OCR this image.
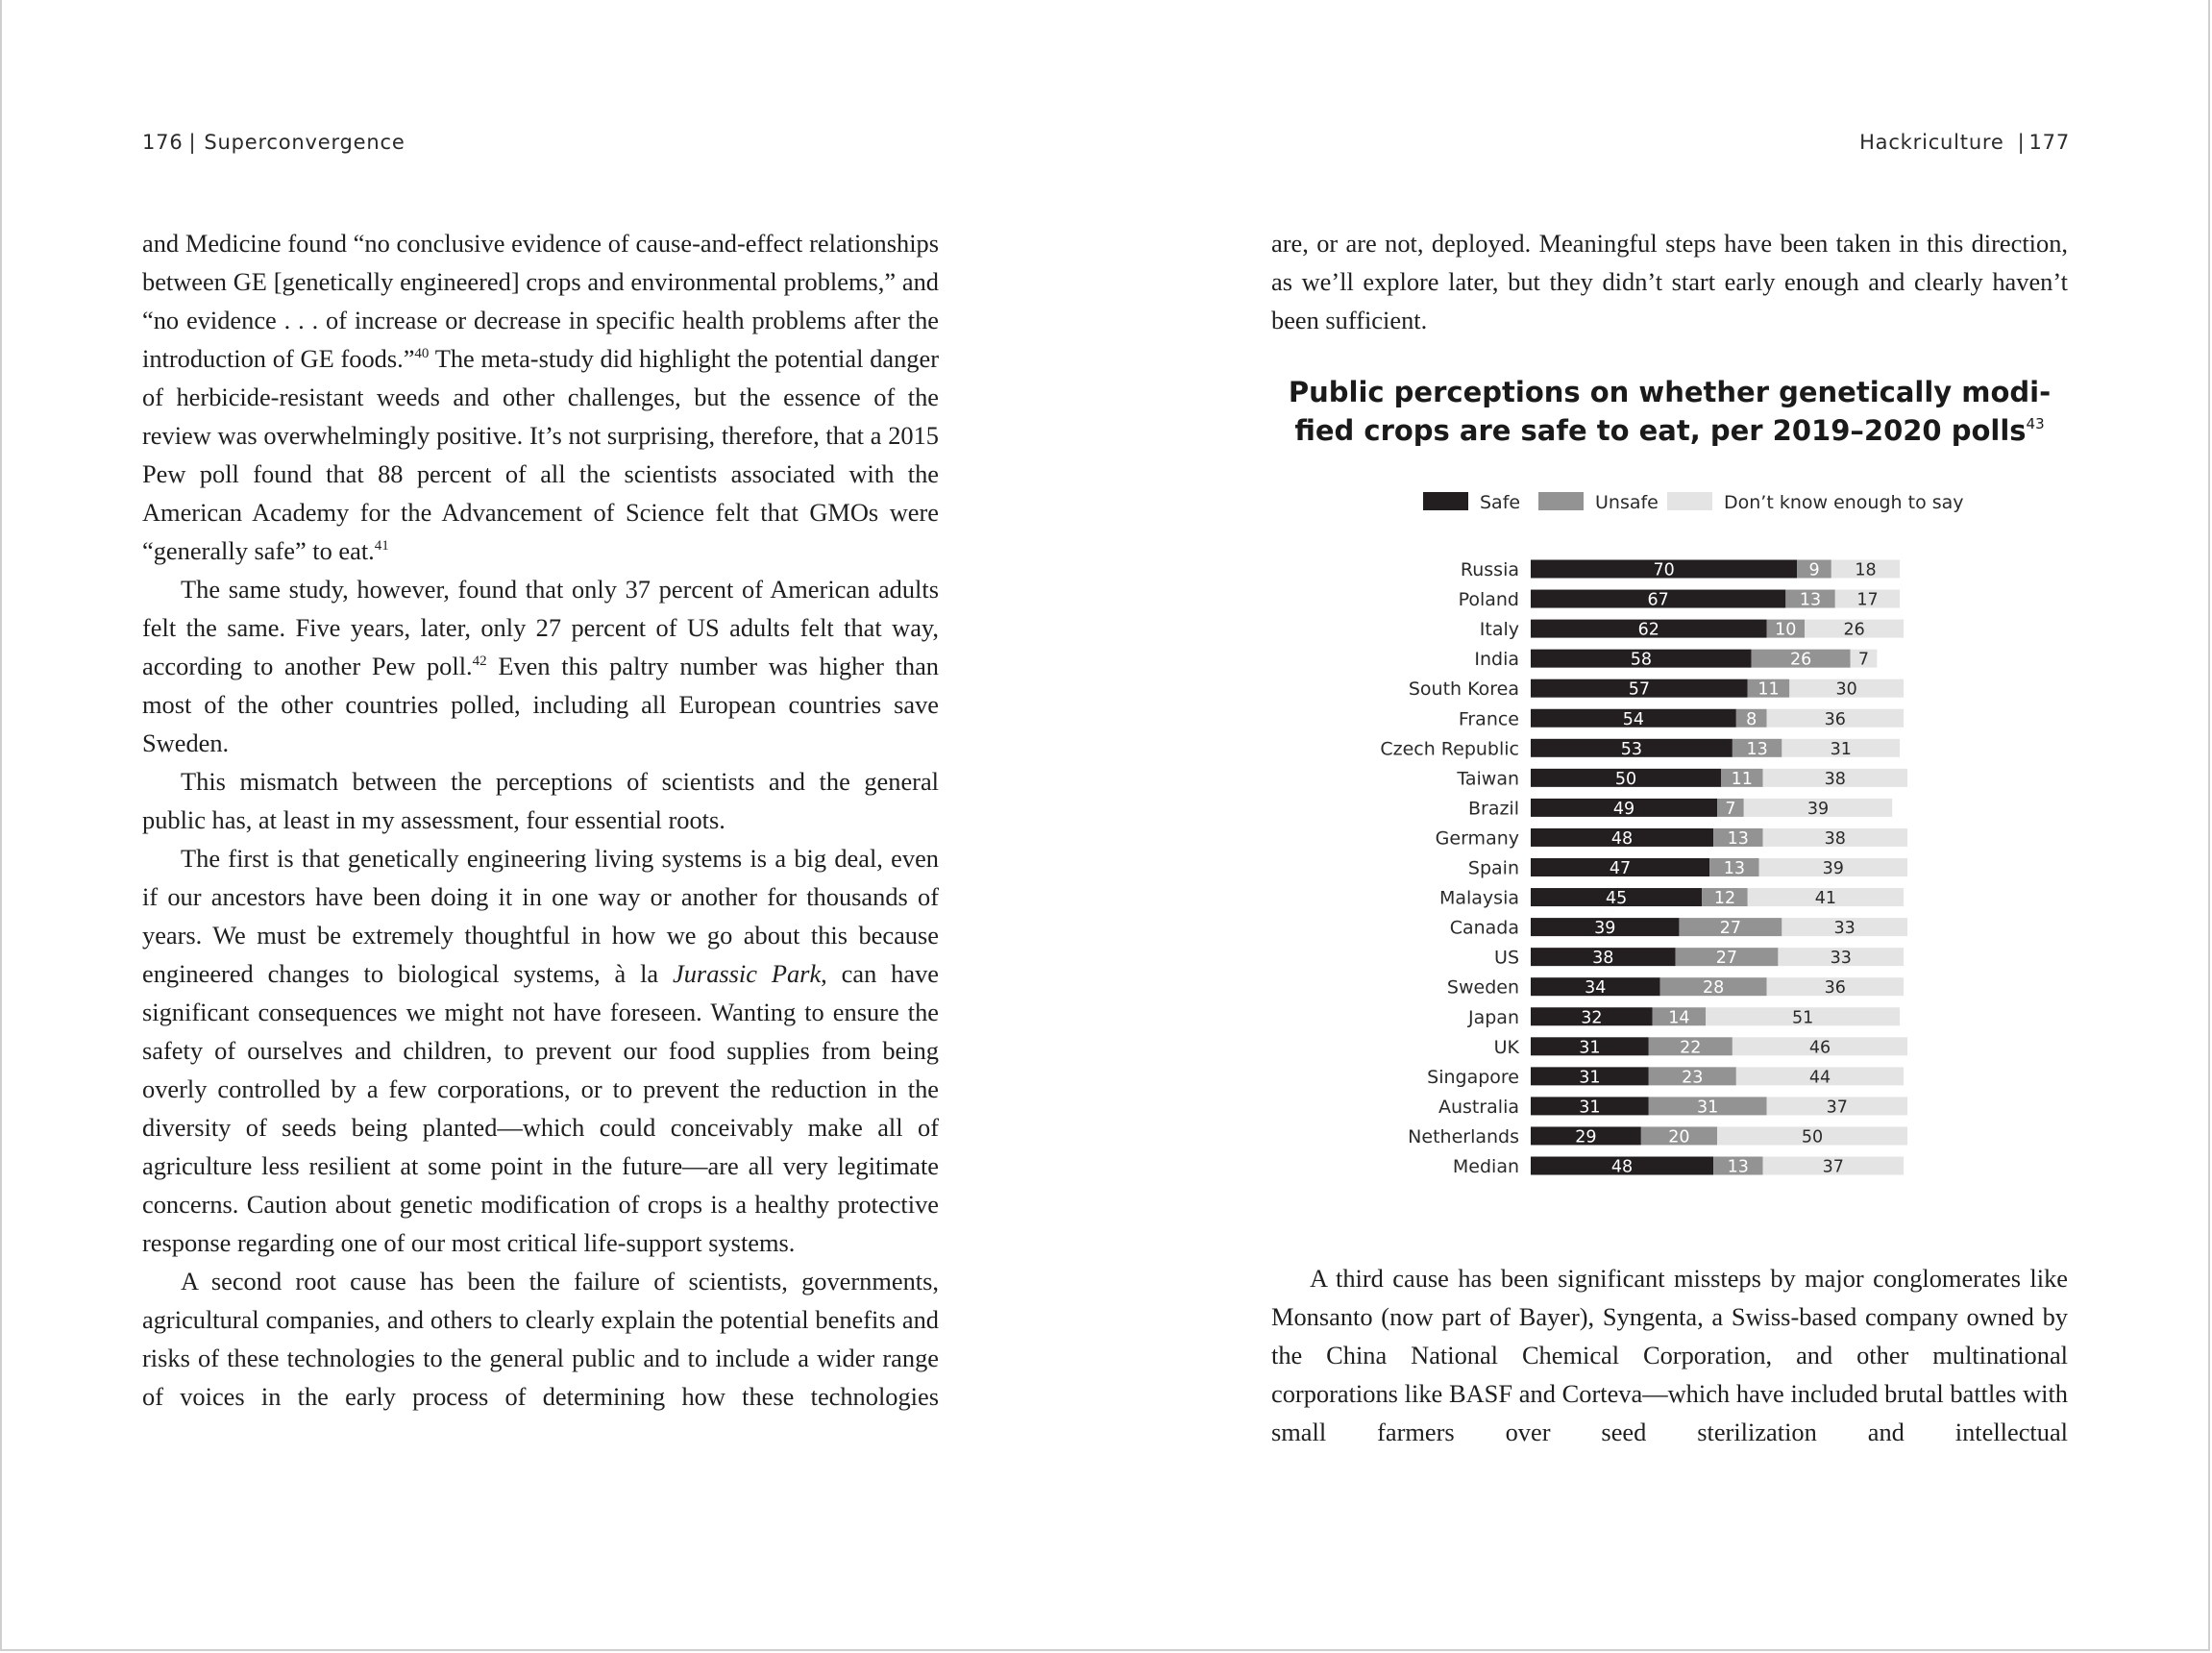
176 | Superconvergence	Hackriculture | 177

and Medicine found “no conclusive evidence of cause-and-effect relationships between GE [genetically engineered] crops and environmental problems,” and “no evidence . . . of increase or decrease in specific health problems after the introduction of GE foods.”$^{40}$ The meta-study did highlight the potential danger of herbicide-resistant weeds and other challenges, but the essence of the review was overwhelmingly positive. It’s not surprising, therefore, that a 2015 Pew poll found that 88 percent of all the scientists associated with the American Academy for the Advancement of Science felt that GMOs were “generally safe” to eat.$^{41}$

The same study, however, found that only 37 percent of American adults felt the same. Five years, later, only 27 percent of US adults felt that way, according to another Pew poll.$^{42}$ Even this paltry number was higher than most of the other countries polled, including all European countries save Sweden.

This mismatch between the perceptions of scientists and the general public has, at least in my assessment, four essential roots.

The first is that genetically engineering living systems is a big deal, even if our ancestors have been doing it in one way or another for thousands of years. We must be extremely thoughtful in how we go about this because engineered changes to biological systems, à la Jurassic Park, can have significant consequences we might not have foreseen. Wanting to ensure the safety of ourselves and children, to prevent our food supplies from being overly controlled by a few corporations, or to prevent the reduction in the diversity of seeds being planted—which could conceivably make all of agriculture less resilient at some point in the future—are all very legitimate concerns. Caution about genetic modification of crops is a healthy protective response regarding one of our most critical life-support systems.

A second root cause has been the failure of scientists, governments, agricultural companies, and others to clearly explain the potential benefits and risks of these technologies to the general public and to include a wider range of voices in the early process of determining how these technologies

are, or are not, deployed. Meaningful steps have been taken in this direction, as we’ll explore later, but they didn’t start early enough and clearly haven’t been sufficient.

Public perceptions on whether genetically modi-
fied crops are safe to eat, per 2019–2020 polls$^{43}$
Safe	Unsafe	Don’t know enough to say
Russia	70	9 18
Poland	67	13 17
Italy	62	10	26
India	58	26	7
South Korea	57	11	30
France	54	8	36
Czech Republic	53	13	31
Taiwan	50	11	38
Brazil	49	7	39
Germany	48	13	38
Spain	47	13	39
Malaysia	45	12	41
Canada	39	27	33
US	38	27	33
Sweden	34	28	36
Japan	32	14	51
UK	31	22	46
Singapore	31	23	44
Australia	31	31	37
Netherlands	29	20	50
Median	48	13	37

A third cause has been significant missteps by major conglomerates like Monsanto (now part of Bayer), Syngenta, a Swiss-based company owned by the China National Chemical Corporation, and other multinational corporations like BASF and Corteva—which have included brutal battles with small farmers over seed sterilization and intellectual
